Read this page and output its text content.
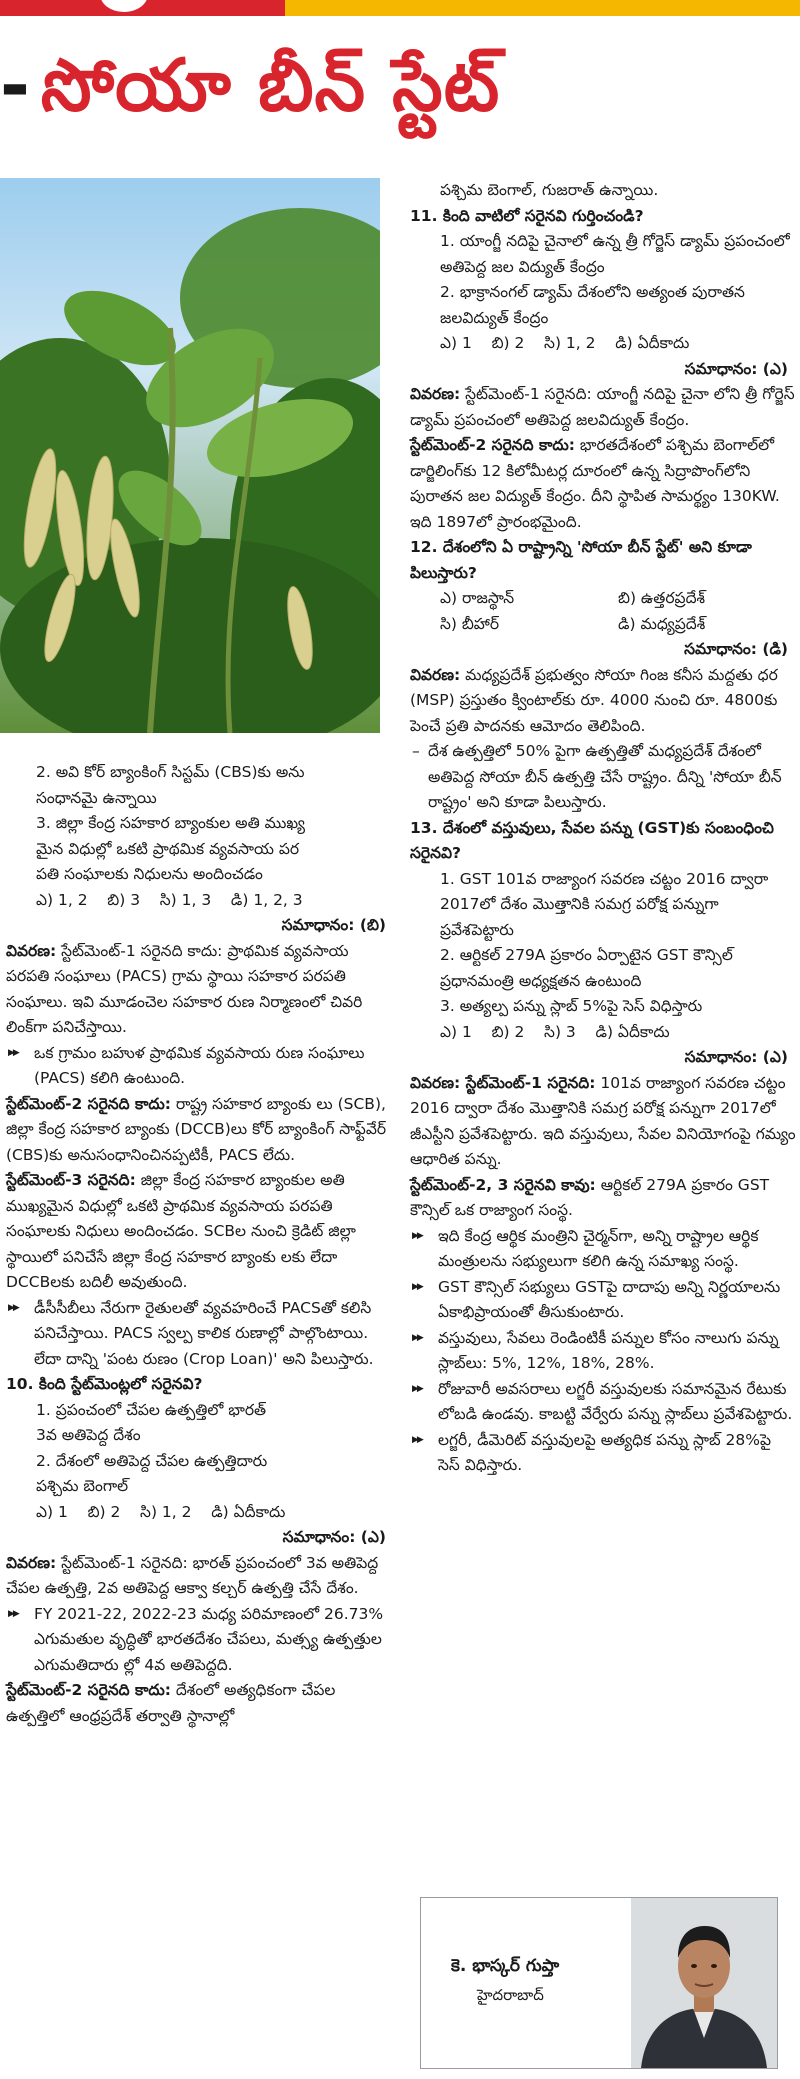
- సోయా బీన్ స్టేట్

పశ్చిమ బెంగాల్, గుజరాత్ ఉన్నాయి.

11. కింది వాటిలో సరైనవి గుర్తించండి?

1. యాంగ్జీ నదిపై చైనాలో ఉన్న త్రీ గోర్జెస్ డ్యామ్ ప్రపంచంలో అతిపెద్ద జల విద్యుత్ కేంద్రం

2. భాక్రానంగల్ డ్యామ్ దేశంలోని అత్యంత పురాతన జలవిద్యుత్ కేంద్రం

ఎ) 1    బి) 2    సి) 1, 2    డి) ఏదీకాదు

సమాధానం: (ఎ)

వివరణ: స్టేట్‌మెంట్-1 సరైనది: యాంగ్జీ నదిపై చైనా లోని త్రీ గోర్జెస్ డ్యామ్ ప్రపంచంలో అతిపెద్ద జలవిద్యుత్ కేంద్రం.

స్టేట్‌మెంట్-2 సరైనది కాదు: భారతదేశంలో పశ్చిమ బెంగాల్‌లో డార్జిలింగ్‌కు 12 కిలోమీటర్ల దూరంలో ఉన్న సిద్రాపొంగ్‌లోని పురాతన జల విద్యుత్ కేంద్రం. దీని స్థాపిత సామర్థ్యం 130KW. ఇది 1897లో ప్రారంభమైంది.

12. దేశంలోని ఏ రాష్ట్రాన్ని 'సోయా బీన్ స్టేట్' అని కూడా పిలుస్తారు?

ఎ) రాజస్థాన్	బి) ఉత్తరప్రదేశ్
సి) బీహార్	డి) మధ్యప్రదేశ్

సమాధానం: (డి)

వివరణ: మధ్యప్రదేశ్ ప్రభుత్వం సోయా గింజ కనీస మద్దతు ధర (MSP) ప్రస్తుతం క్వింటాల్‌కు రూ. 4000 నుంచి రూ. 4800కు పెంచే ప్రతి పాదనకు ఆమోదం తెలిపింది.

– దేశ ఉత్పత్తిలో 50% పైగా ఉత్పత్తితో మధ్యప్రదేశ్ దేశంలో అతిపెద్ద సోయా బీన్ ఉత్పత్తి చేసే రాష్ట్రం. దీన్ని 'సోయా బీన్ రాష్ట్రం' అని కూడా పిలుస్తారు.

13. దేశంలో వస్తువులు, సేవల పన్ను (GST)కు సంబంధించి సరైనవి?

1. GST 101వ రాజ్యాంగ సవరణ చట్టం 2016 ద్వారా 2017లో దేశం మొత్తానికి సమగ్ర పరోక్ష పన్నుగా ప్రవేశపెట్టారు

2. ఆర్టికల్ 279A ప్రకారం ఏర్పాటైన GST కౌన్సిల్ ప్రధానమంత్రి అధ్యక్షతన ఉంటుంది

3. అత్యల్ప పన్ను స్లాబ్ 5%పై సెస్ విధిస్తారు

ఎ) 1    బి) 2    సి) 3    డి) ఏదీకాదు

సమాధానం: (ఎ)

వివరణ: స్టేట్‌మెంట్-1 సరైనది: 101వ రాజ్యాంగ సవరణ చట్టం 2016 ద్వారా దేశం మొత్తానికి సమగ్ర పరోక్ష పన్నుగా 2017లో జీఎస్టీని ప్రవేశపెట్టారు. ఇది వస్తువులు, సేవల వినియోగంపై గమ్యం ఆధారిత పన్ను.

స్టేట్‌మెంట్-2, 3 సరైనవి కావు: ఆర్టికల్ 279A ప్రకారం GST కౌన్సిల్ ఒక రాజ్యాంగ సంస్థ.

▶▶ ఇది కేంద్ర ఆర్థిక మంత్రిని చైర్మన్‌గా, అన్ని రాష్ట్రాల ఆర్థిక మంత్రులను సభ్యులుగా కలిగి ఉన్న సమాఖ్య సంస్థ.

▶▶ GST కౌన్సిల్ సభ్యులు GSTపై దాదాపు అన్ని నిర్ణయాలను ఏకాభిప్రాయంతో తీసుకుంటారు.

▶▶ వస్తువులు, సేవలు రెండింటికీ పన్నుల కోసం నాలుగు పన్ను స్లాబ్‌లు: 5%, 12%, 18%, 28%.

▶▶ రోజువారీ అవసరాలు లగ్జరీ వస్తువులకు సమానమైన రేటుకు లోబడి ఉండవు. కాబట్టి వేర్వేరు పన్ను స్లాబ్‌లు ప్రవేశపెట్టారు.

▶▶ లగ్జరీ, డీమెరిట్ వస్తువులపై అత్యధిక పన్ను స్లాబ్ 28%పై సెస్ విధిస్తారు.

2. అవి కోర్ బ్యాంకింగ్ సిస్టమ్ (CBS)కు అను

సంధానమై ఉన్నాయి

3. జిల్లా కేంద్ర సహకార బ్యాంకుల అతి ముఖ్య

మైన విధుల్లో ఒకటి ప్రాథమిక వ్యవసాయ పర

పతి సంఘాలకు నిధులను అందించడం

ఎ) 1, 2    బి) 3    సి) 1, 3    డి) 1, 2, 3

సమాధానం: (బి)

వివరణ: స్టేట్‌మెంట్-1 సరైనది కాదు: ప్రాథమిక వ్యవసాయ పరపతి సంఘాలు (PACS) గ్రామ స్థాయి సహకార పరపతి సంఘాలు. ఇవి మూడంచెల సహకార రుణ నిర్మాణంలో చివరి లింక్‌గా పనిచేస్తాయి.

▶▶ ఒక గ్రామం బహుళ ప్రాథమిక వ్యవసాయ రుణ సంఘాలు (PACS) కలిగి ఉంటుంది.

స్టేట్‌మెంట్-2 సరైనది కాదు: రాష్ట్ర సహకార బ్యాంకు లు (SCB), జిల్లా కేంద్ర సహకార బ్యాంకు (DCCB)లు కోర్ బ్యాంకింగ్ సాఫ్ట్‌వేర్ (CBS)కు అనుసంధానించినప్పటికీ, PACS లేదు.

స్టేట్‌మెంట్-3 సరైనది: జిల్లా కేంద్ర సహకార బ్యాంకుల అతి ముఖ్యమైన విధుల్లో ఒకటి ప్రాథమిక వ్యవసాయ పరపతి సంఘాలకు నిధులు అందించడం. SCBల నుంచి క్రెడిట్ జిల్లా స్థాయిలో పనిచేసే జిల్లా కేంద్ర సహకార బ్యాంకు లకు లేదా DCCBలకు బదిలీ అవుతుంది.

▶▶ డీసీసీబీలు నేరుగా రైతులతో వ్యవహరించే PACSతో కలిసి పనిచేస్తాయి. PACS స్వల్ప కాలిక రుణాల్లో పాల్గొంటాయి. లేదా దాన్ని 'పంట రుణం (Crop Loan)' అని పిలుస్తారు.

10. కింది స్టేట్‌మెంట్లలో సరైనవి?

1. ప్రపంచంలో చేపల ఉత్పత్తిలో భారత్

3వ అతిపెద్ద దేశం

2. దేశంలో అతిపెద్ద చేపల ఉత్పత్తిదారు

పశ్చిమ బెంగాల్

ఎ) 1    బి) 2    సి) 1, 2    డి) ఏదీకాదు

సమాధానం: (ఎ)

వివరణ: స్టేట్‌మెంట్-1 సరైనది: భారత్ ప్రపంచంలో 3వ అతిపెద్ద చేపల ఉత్పత్తి, 2వ అతిపెద్ద ఆక్వా కల్చర్ ఉత్పత్తి చేసే దేశం.

▶▶ FY 2021-22, 2022-23 మధ్య పరిమాణంలో 26.73% ఎగుమతుల వృద్ధితో భారతదేశం చేపలు, మత్స్య ఉత్పత్తుల ఎగుమతిదారు ల్లో 4వ అతిపెద్దది.

స్టేట్‌మెంట్-2 సరైనది కాదు: దేశంలో అత్యధికంగా చేపల ఉత్పత్తిలో ఆంధ్రప్రదేశ్ తర్వాతి స్థానాల్లో

కె. భాస్కర్ గుప్తా
హైదరాబాద్
